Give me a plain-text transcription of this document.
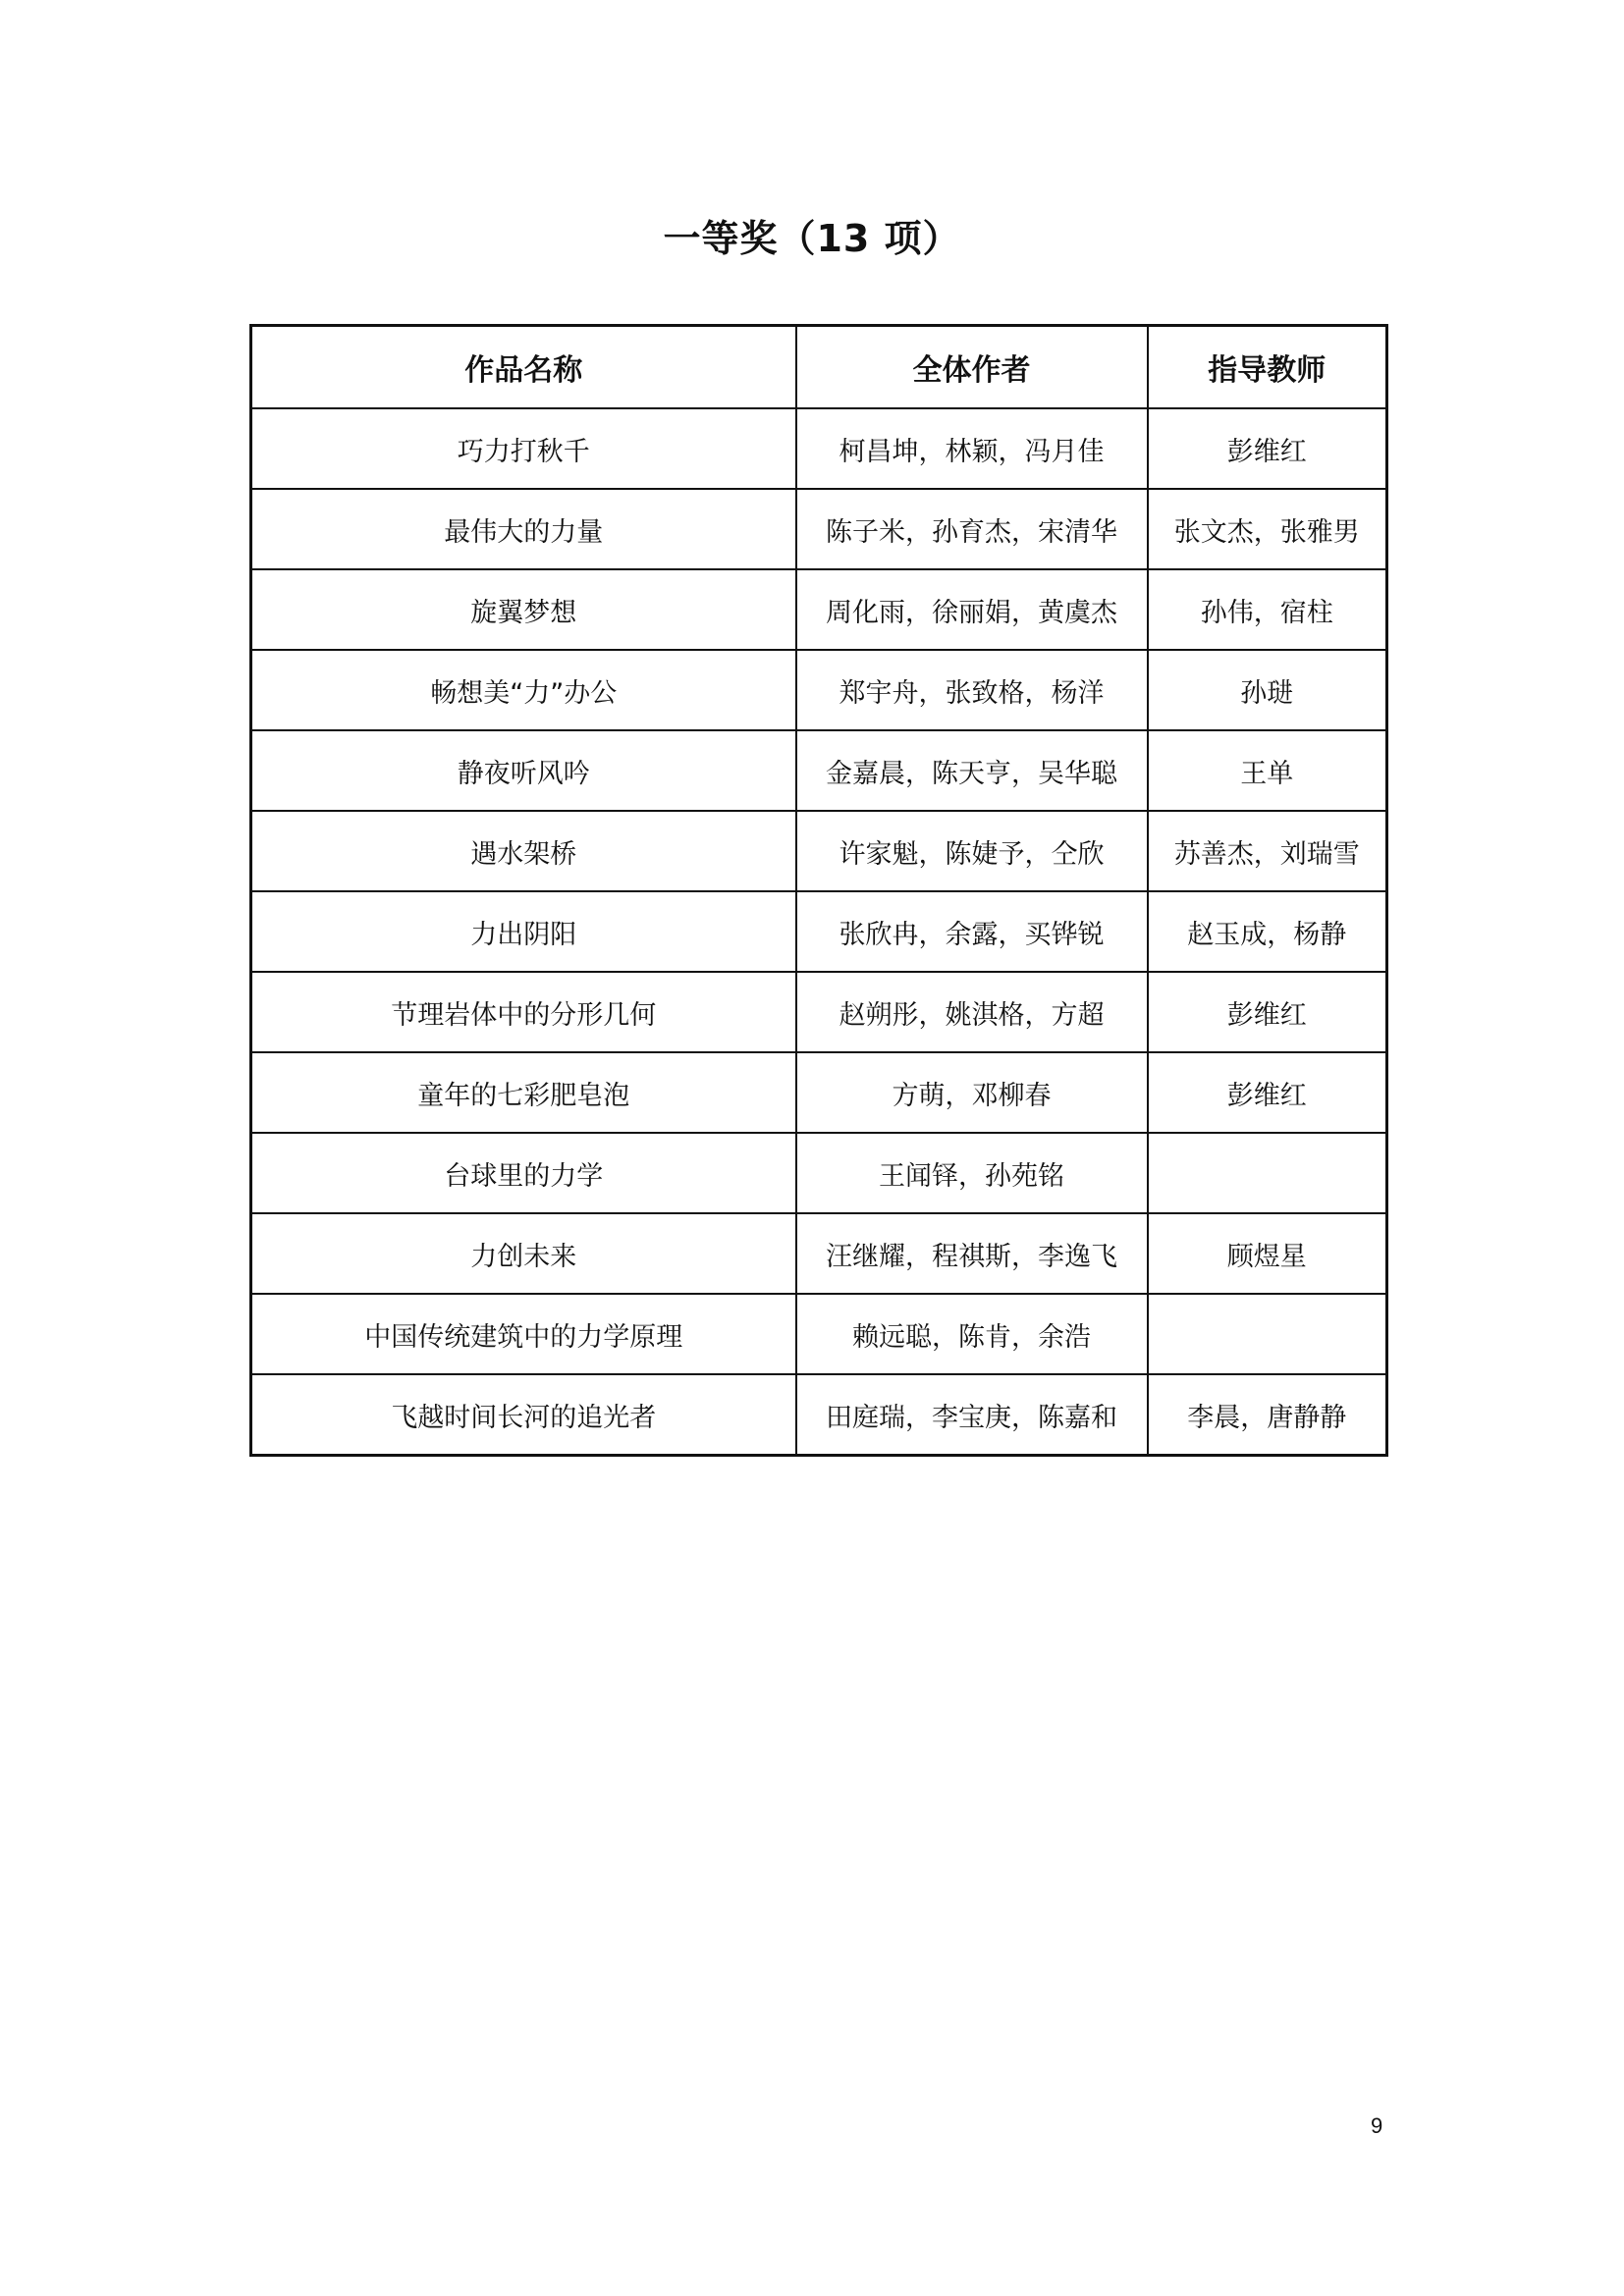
一等奖（13 项）
作品名称	全体作者	指导教师
巧力打秋千	柯昌坤，林颖，冯月佳	彭维红
最伟大的力量	陈子米，孙育杰，宋清华	张文杰，张雅男
旋翼梦想	周化雨，徐丽娟，黄虞杰	孙伟，宿柱
畅想美“力”办公	郑宇舟，张致格，杨洋	孙琎
静夜听风吟	金嘉晨，陈天亨，吴华聪	王单
遇水架桥	许家魁，陈婕予，仝欣	苏善杰，刘瑞雪
力出阴阳	张欣冉，余露，买铧锐	赵玉成，杨静
节理岩体中的分形几何	赵朔彤，姚淇格，方超	彭维红
童年的七彩肥皂泡	方萌，邓柳春	彭维红
台球里的力学	王闻铎，孙苑铭	
力创未来	汪继耀，程祺斯，李逸飞	顾煜星
中国传统建筑中的力学原理	赖远聪，陈肯，余浩	
飞越时间长河的追光者	田庭瑞，李宝庚，陈嘉和	李晨，唐静静
9
